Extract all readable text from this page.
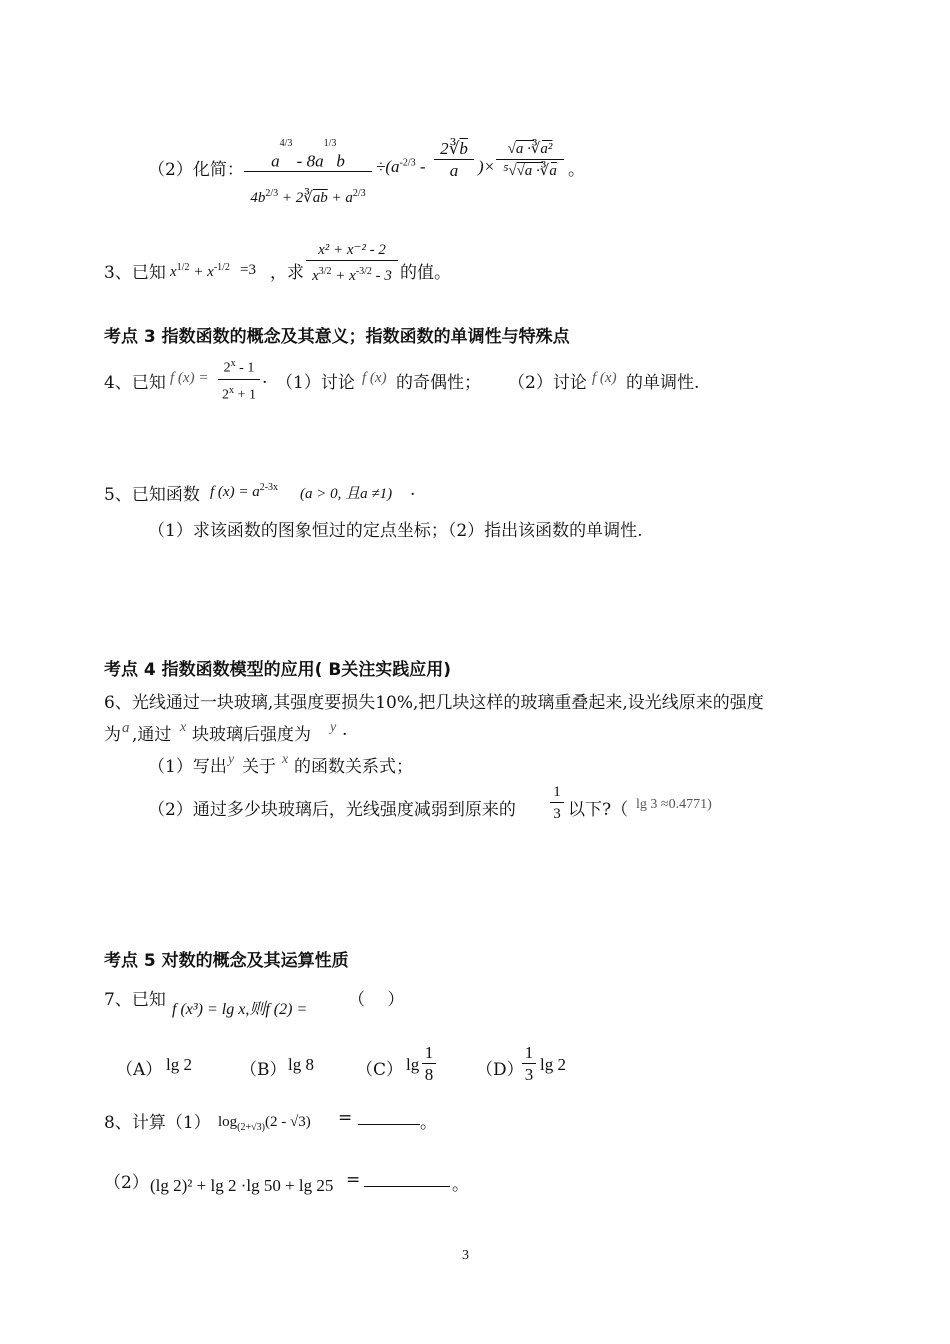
（2）化简：	$a^{4/3} - 8a^{1/3}b$
$4b^{2/3}$ + $2∛\overline{ab} + a^{2/3}$
$\div(a^{-2/3} - \frac{2∛\overline{b}}{a}$ )× $\frac{\text{√a ·∛a²}}{\text{⁵√√a ·∛a}}$ 。
3、已知 $x^{1/2} + x^{-1/2} =3$ ，求 $\frac{\text{x² + x⁻² - 2}}{x^{3/2} + x^{-3/2} - 3}$ 的值。
考点 3 指数函数的概念及其意义；指数函数的单调性与特殊点
4、已知 f $(x) = \frac{2^x - 1}{2^x + 1}$ . （1）讨论 f (x) 的奇偶性； （2）讨论 f (x) 的单调性.
5、已知函数 f $(x) = a^{2-3x}$ (a > 0, 且a ≠1) .
（1）求该函数的图象恒过的定点坐标；（2）指出该函数的单调性.
考点 4 指数函数模型的应用( B关注实践应用)
6、光线通过一块玻璃,其强度要损失10%,把几块这样的玻璃重叠起来,设光线原来的强度
为 a ,通过 x 块玻璃后强度为 y .
（1）写出 y 关于 x 的函数关系式；
（2）通过多少块玻璃后，光线强度减弱到原来的 $\frac{1}{3}$ 以下?（ lg 3 ≈0.4771)
考点 5 对数的概念及其运算性质
7、已知 f (x³) = lg x,则f (2) = （　 ）
（A） lg 2	（B） lg 8 （C） $\lg \frac{1}{8} (D)$
$\frac{1}{3}$ lg 2
8、计算（1） $\log_{(2+√3)}(2 - √3)$ =	。
（2） (lg 2)² + lg 2 ·lg 50 + lg 25 =	。
3
